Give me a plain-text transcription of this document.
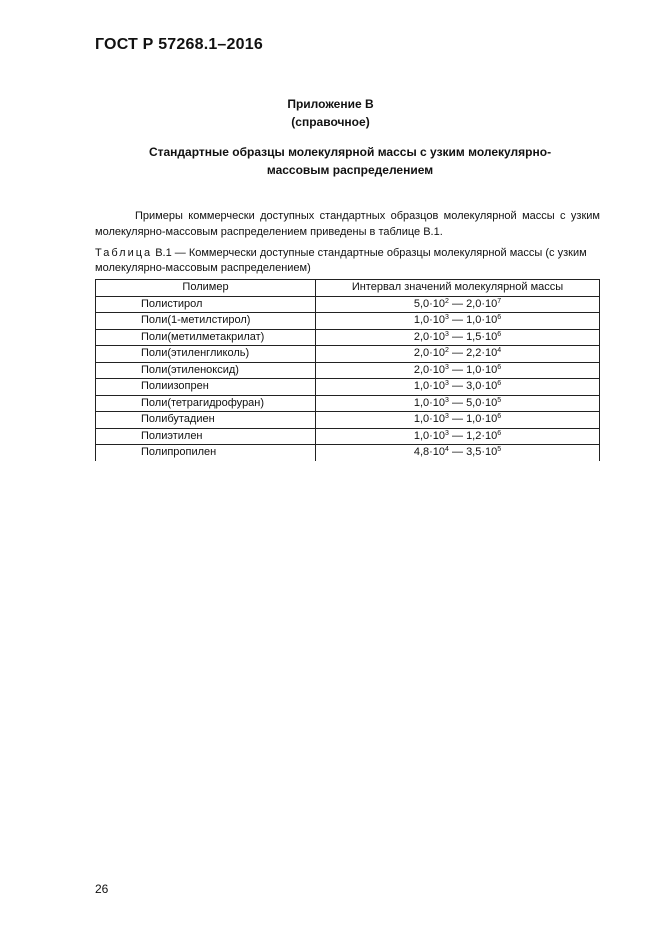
ГОСТ Р 57268.1–2016
Приложение В
(справочное)
Стандартные образцы молекулярной массы с узким молекулярно-
массовым распределением
Примеры коммерчески доступных стандартных образцов молекулярной массы с узким молекулярно-массовым распределением приведены в таблице В.1.
Таблица В.1 — Коммерчески доступные стандартные образцы молекулярной массы (с узким молекулярно-массовым распределением)
Полимер	Интервал значений молекулярной массы
Полистирол	$5,0\cdot 10^2$ — $2,0\cdot 10^7$
Поли(1-метилстирол)	$1,0\cdot 10^3$ — $1,0\cdot 10^6$
Поли(метилметакрилат)	$2,0\cdot 10^3$ — $1,5\cdot 10^6$
Поли(этиленгликоль)	$2,0\cdot 10^2$ — $2,2\cdot 10^4$
Поли(этиленоксид)	$2,0\cdot 10^3$ — $1,0\cdot 10^6$
Полиизопрен	$1,0\cdot 10^3$ — $3,0\cdot 10^6$
Поли(тетрагидрофуран)	$1,0\cdot 10^3$ — $5,0\cdot 10^5$
Полибутадиен	$1,0\cdot 10^3$ — $1,0\cdot 10^6$
Полиэтилен	$1,0\cdot 10^3$ — $1,2\cdot 10^6$
Полипропилен	$4,8\cdot 10^4$ — $3,5\cdot 10^5$
26
